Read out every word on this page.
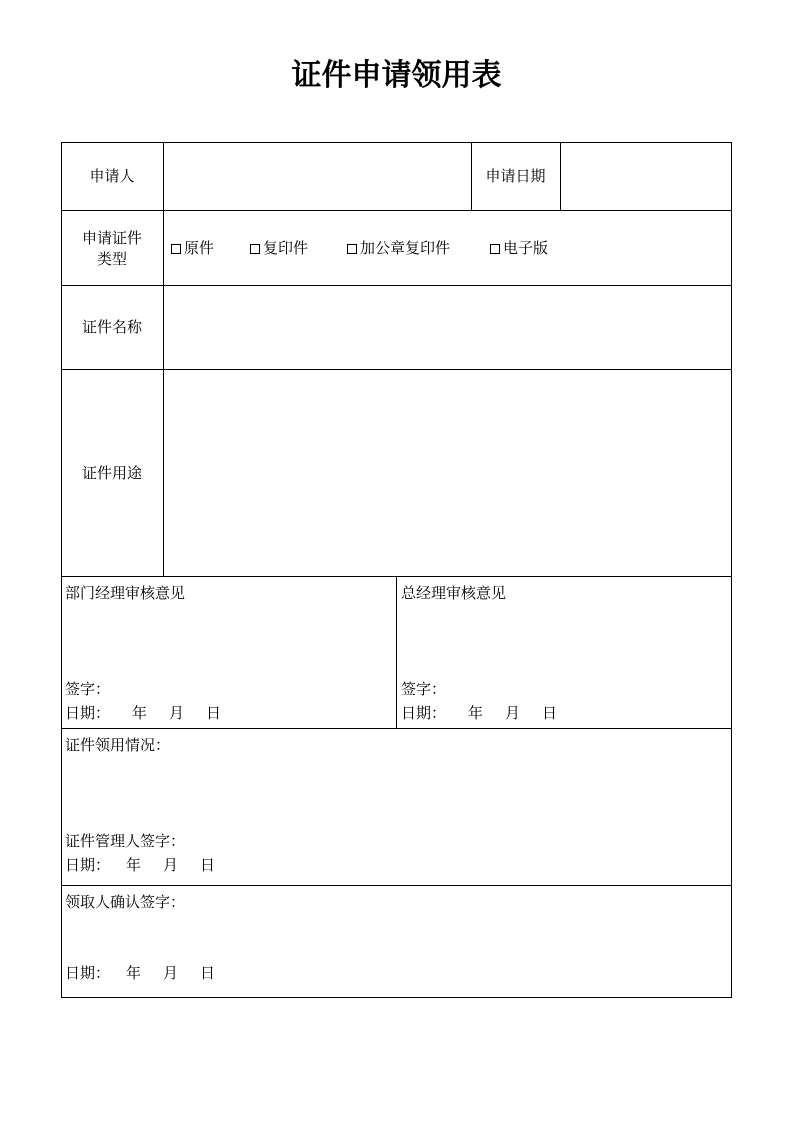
证件申请领用表
申请人	申请日期
申请证件
类型
原件	复印件	加公章复印件	电子版
证件名称
证件用途
部门经理审核意见
签字：
日期： 年 月 日
总经理审核意见
签字：
日期： 年 月 日
证件领用情况：
证件管理人签字：
日期： 年 月 日
领取人确认签字：
日期： 年 月 日
